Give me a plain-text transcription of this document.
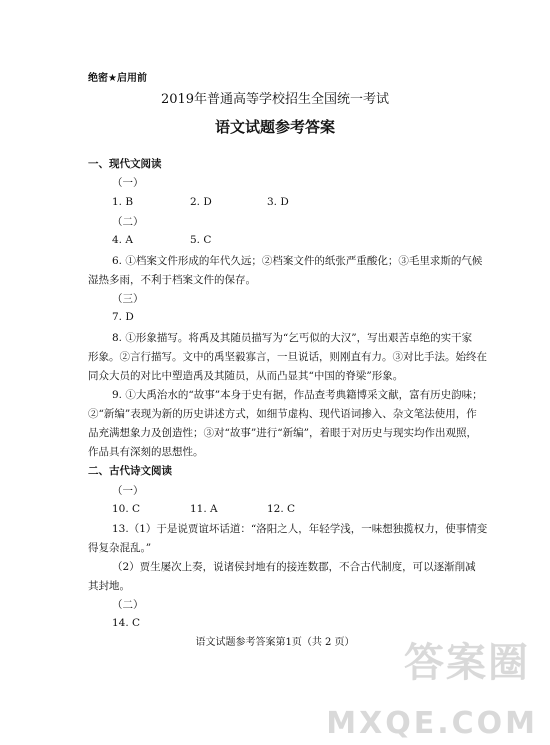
绝密★启用前
2019年普通高等学校招生全国统一考试
语文试题参考答案
一、现代文阅读
（一）
1. B	2. D	3. D
（二）
4. A	5. C
6. ①档案文件形成的年代久远；②档案文件的纸张严重酸化；③毛里求斯的气候
湿热多雨，不利于档案文件的保存。
（三）
7. D
8. ①形象描写。将禹及其随员描写为“乞丐似的大汉”，写出艰苦卓绝的实干家
形象。②言行描写。文中的禹坚毅寡言，一旦说话，则刚直有力。③对比手法。始终在
同众大员的对比中塑造禹及其随员，从而凸显其“中国的脊梁”形象。
9. ①大禹治水的“故事”本身于史有据，作品查考典籍博采文献，富有历史韵味；
②“新编”表现为新的历史讲述方式，如细节虚构、现代语词掺入、杂文笔法使用，作
品充满想象力及创造性；③对“故事”进行“新编”，着眼于对历史与现实均作出观照，
作品具有深刻的思想性。
二、古代诗文阅读
（一）
10. C	11. A	12. C
13.（1）于是说贾谊坏话道：“洛阳之人，年轻学浅，一味想独揽权力，使事情变
得复杂混乱。”
（2）贾生屡次上奏，说诸侯封地有的接连数郡，不合古代制度，可以逐渐削减
其封地。
（二）
14. C
语文试题参考答案第1页（共 2 页）	答案圈
MXQE.COM
